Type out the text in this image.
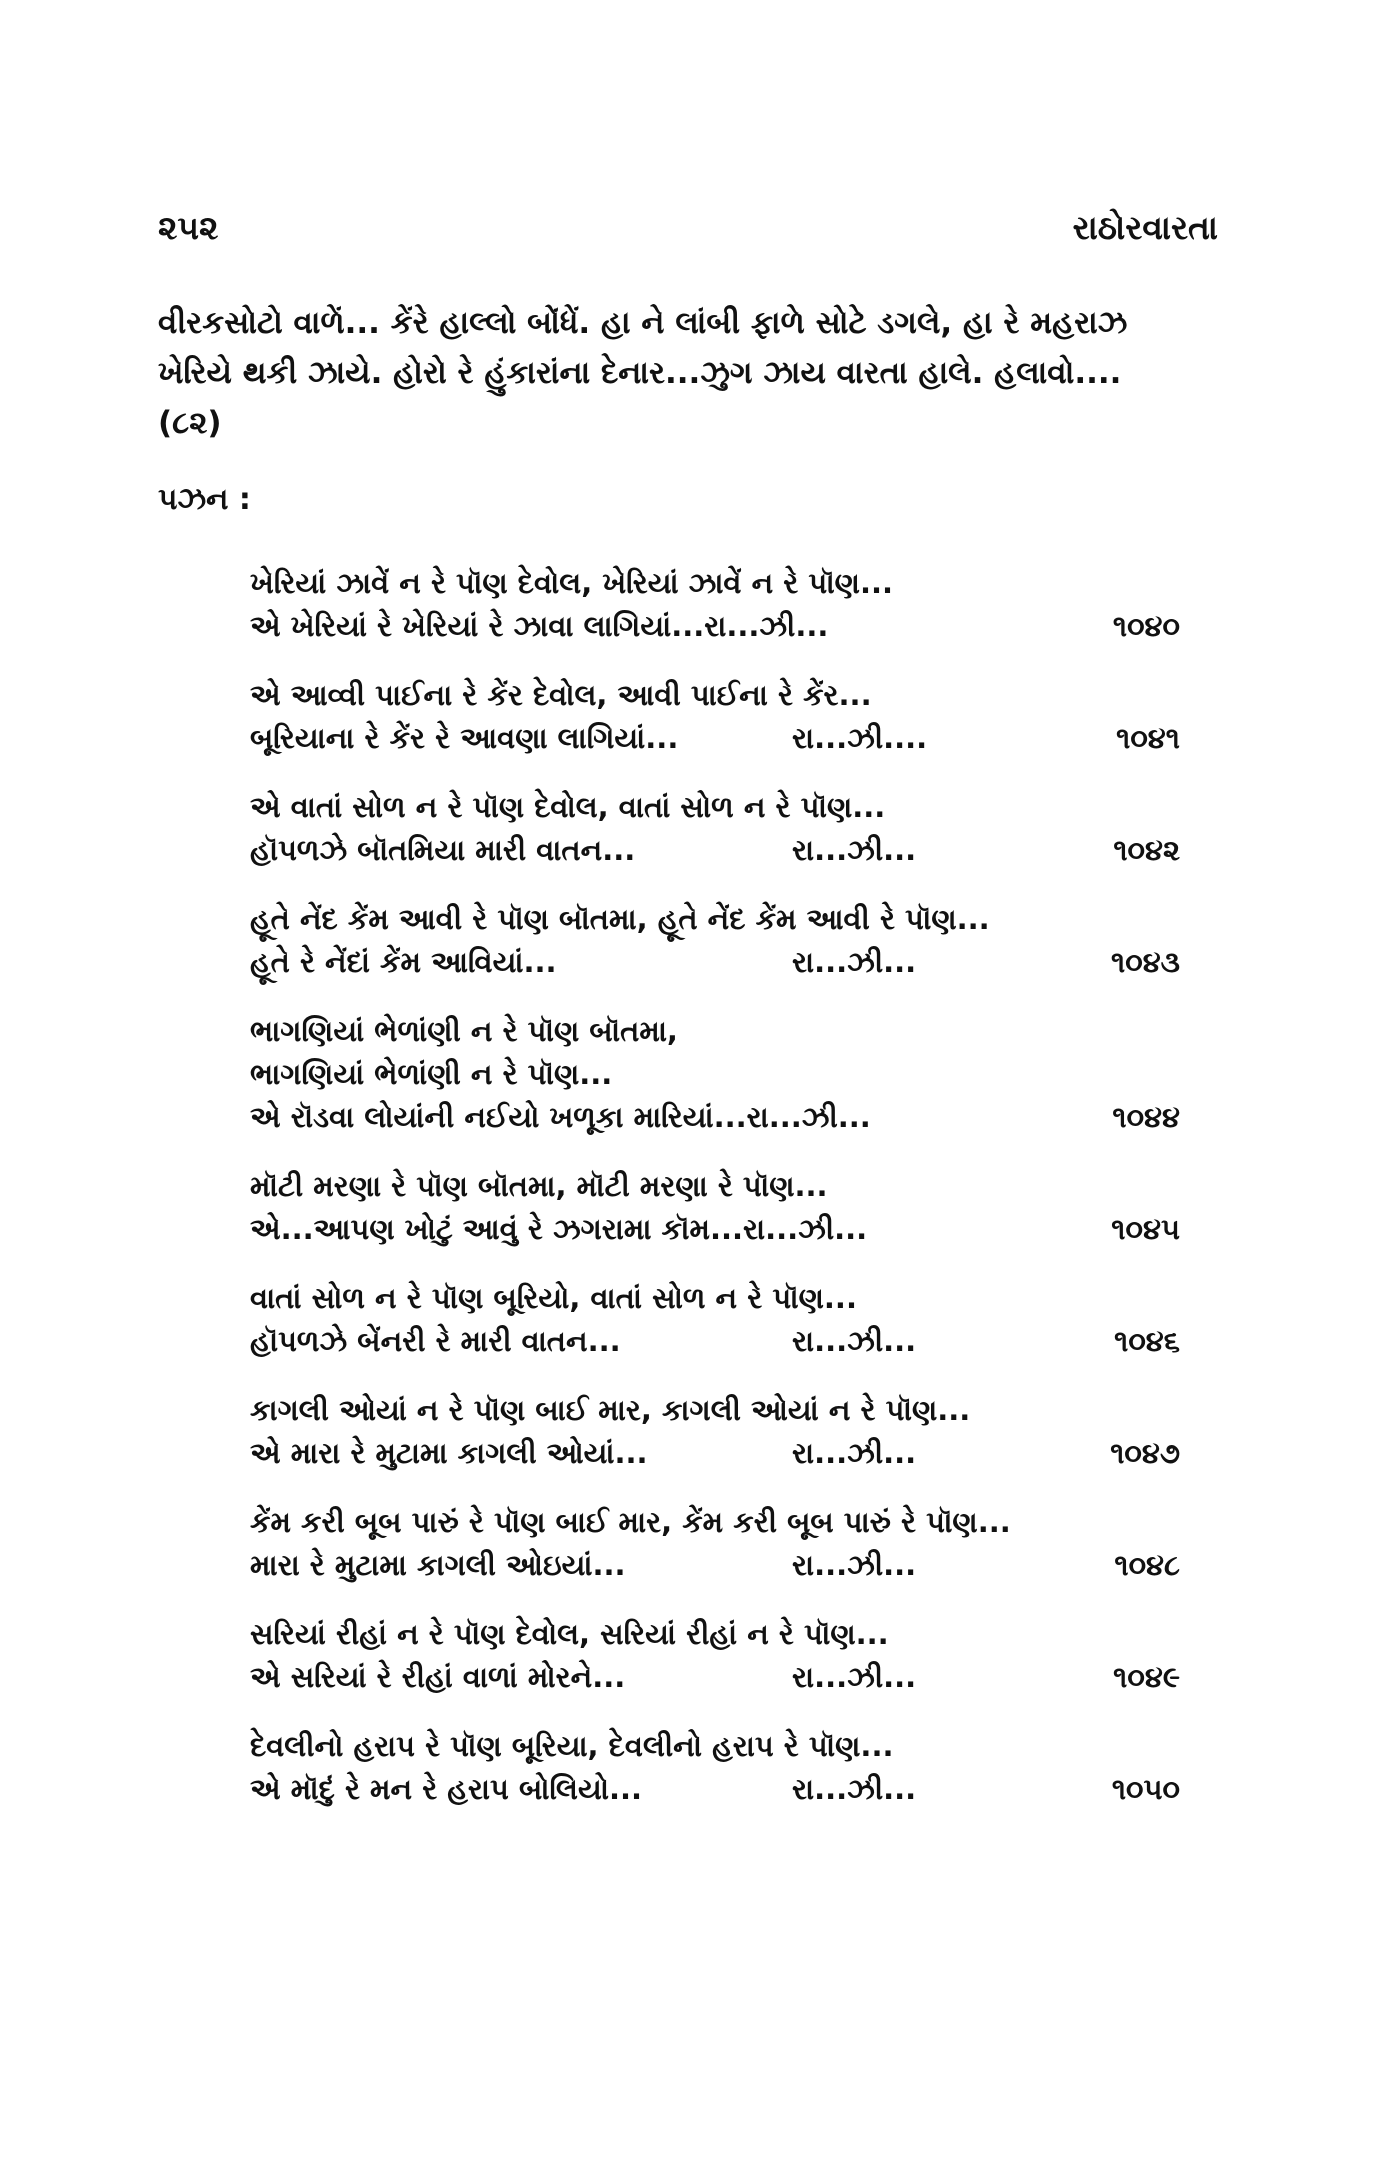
૨૫૨	રાઠોરવારતા
વીરકસોટો વાળેં... કેંરે હાલ્લો બોંધેં. હા ને લાંબી ફાળે સોટે ડગલે, હા રે મહરાઝ
ખેરિયે થકી ઝાયે. હોરો રે હુંકારાંના દેનાર...ઝુગ ઝાય વારતા હાલે. હલાવો....
(૮૨)
પઝન :
ખેરિયાં ઝાવેં ન રે પૉણ દેવોલ, ખેરિયાં ઝાવેં ન રે પૉણ...
એ ખેરિયાં રે ખેરિયાં રે ઝાવા લાગિયાં...રા...ઝી...	૧૦૪૦
એ આવ્વી પાઈના રે કેંર દેવોલ, આવી પાઈના રે કેંર...
બૂરિયાના રે કેંર રે આવણા લાગિયાં...	રા...ઝી....	૧૦૪૧
એ વાતાં સોળ ન રે પૉણ દેવોલ, વાતાં સોળ ન રે પૉણ...
હૉપળઝે બૉતમિયા મારી વાતન...	રા...ઝી...	૧૦૪૨
હૂતે નેંદ કેંમ આવી રે પૉણ બૉતમા, હૂતે નેંદ કેંમ આવી રે પૉણ...
હૂતે રે નેંદાં કેંમ આવિયાં...	રા...ઝી...	૧૦૪૩
ભાગણિયાં ભેળાંણી ન રે પૉણ બૉતમા,
ભાગણિયાં ભેળાંણી ન રે પૉણ...
એ રૉડવા લોયાંની નઈયો ખળૂકા મારિયાં...રા...ઝી...	૧૦૪૪
મૉટી મરણા રે પૉણ બૉતમા, મૉટી મરણા રે પૉણ...
એ...આપણ ખોટું આવું રે ઝગરામા કૉમ...રા...ઝી...	૧૦૪૫
વાતાં સોળ ન રે પૉણ બૂરિયો, વાતાં સોળ ન રે પૉણ...
હૉપળઝે બેંનરી રે મારી વાતન...	રા...ઝી...	૧૦૪૬
કાગલી ઓયાં ન રે પૉણ બાઈ માર, કાગલી ઓયાં ન રે પૉણ...
એ મારા રે મુટામા કાગલી ઓયાં...	રા...ઝી...	૧૦૪૭
કેંમ કરી બૂબ પારું રે પૉણ બાઈ માર, કેંમ કરી બૂબ પારું રે પૉણ...
મારા રે મુટામા કાગલી ઓઇયાં...	રા...ઝી...	૧૦૪૮
સરિયાં રીહાં ન રે પૉણ દેવોલ, સરિયાં રીહાં ન રે પૉણ...
એ સરિયાં રે રીહાં વાળાં મોરને...	રા...ઝી...	૧૦૪૯
દેવલીનો હરાપ રે પૉણ બૂરિયા, દેવલીનો હરાપ રે પૉણ...
એ મૉદું રે મન રે હરાપ બોલિયો...	રા...ઝી...	૧૦૫૦
